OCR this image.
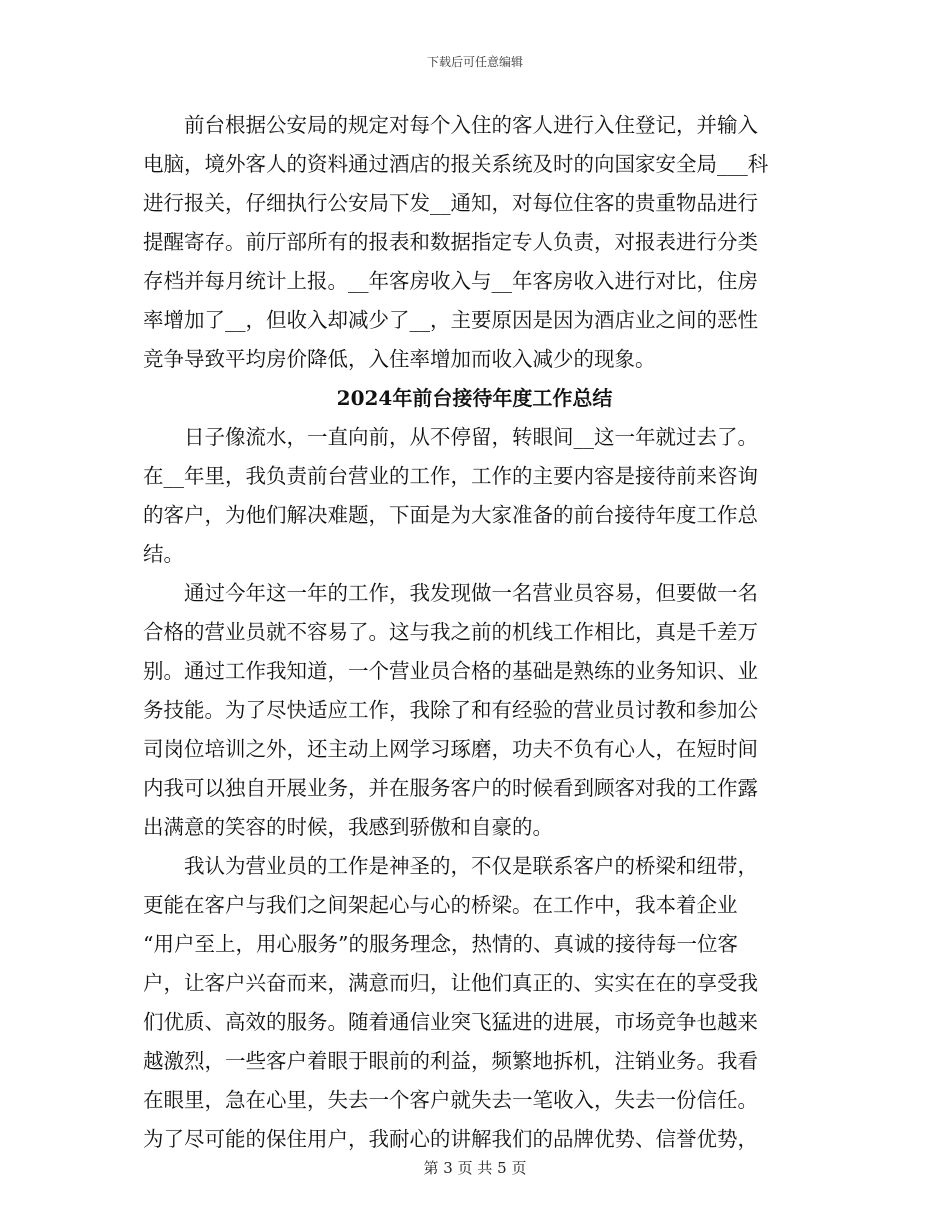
下载后可任意编辑

前台根据公安局的规定对每个入住的客人进行入住登记，并输入
电脑，境外客人的资料通过酒店的报关系统及时的向国家安全局___科
进行报关，仔细执行公安局下发__通知，对每位住客的贵重物品进行
提醒寄存。前厅部所有的报表和数据指定专人负责，对报表进行分类
存档并每月统计上报。__年客房收入与__年客房收入进行对比，住房
率增加了__，但收入却减少了__，主要原因是因为酒店业之间的恶性
竞争导致平均房价降低，入住率增加而收入减少的现象。

2024年前台接待年度工作总结

日子像流水，一直向前，从不停留，转眼间__这一年就过去了。
在__年里，我负责前台营业的工作，工作的主要内容是接待前来咨询
的客户，为他们解决难题，下面是为大家准备的前台接待年度工作总
结。

通过今年这一年的工作，我发现做一名营业员容易，但要做一名
合格的营业员就不容易了。这与我之前的机线工作相比，真是千差万
别。通过工作我知道，一个营业员合格的基础是熟练的业务知识、业
务技能。为了尽快适应工作，我除了和有经验的营业员讨教和参加公
司岗位培训之外，还主动上网学习琢磨，功夫不负有心人，在短时间
内我可以独自开展业务，并在服务客户的时候看到顾客对我的工作露
出满意的笑容的时候，我感到骄傲和自豪的。

我认为营业员的工作是神圣的，不仅是联系客户的桥梁和纽带，
更能在客户与我们之间架起心与心的桥梁。在工作中，我本着企业
“用户至上，用心服务”的服务理念，热情的、真诚的接待每一位客
户，让客户兴奋而来，满意而归，让他们真正的、实实在在的享受我
们优质、高效的服务。随着通信业突飞猛进的进展，市场竞争也越来
越激烈，一些客户着眼于眼前的利益，频繁地拆机，注销业务。我看
在眼里，急在心里，失去一个客户就失去一笔收入，失去一份信任。
为了尽可能的保住用户，我耐心的讲解我们的品牌优势、信誉优势，

第 3 页 共 5 页
